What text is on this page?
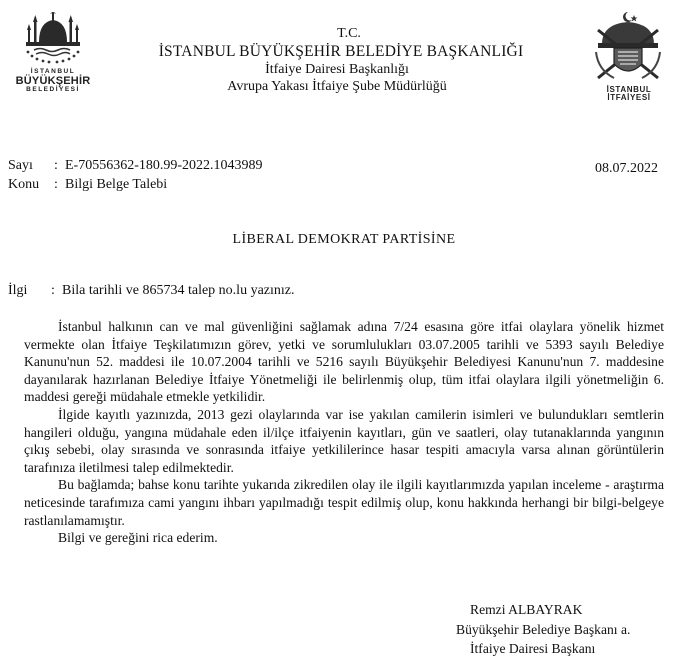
İSTANBUL
BÜYÜKŞEHİR
BELEDİYESİ
T.C.
İSTANBUL BÜYÜKŞEHİR BELEDİYE BAŞKANLIĞI
İtfaiye Dairesi Başkanlığı
Avrupa Yakası İtfaiye Şube Müdürlüğü	İSTANBUL
İTFAİYESİ
Sayı : E-70556362-180.99-2022.1043989	08.07.2022
Konu : Bilgi Belge Talebi
LİBERAL DEMOKRAT PARTİSİNE
İlgi : Bila tarihli ve 865734 talep no.lu yazınız.

İstanbul halkının can ve mal güvenliğini sağlamak adına 7/24 esasına göre itfai olaylara yönelik hizmet vermekte olan İtfaiye Teşkilatımızın görev, yetki ve sorumlulukları 03.07.2005 tarihli ve 5393 sayılı Belediye Kanunu'nun 52. maddesi ile 10.07.2004 tarihli ve 5216 sayılı Büyükşehir Belediyesi Kanunu'nun 7. maddesine dayanılarak hazırlanan Belediye İtfaiye Yönetmeliği ile belirlenmiş olup, tüm itfai olaylara ilgili yönetmeliğin 6. maddesi gereği müdahale etmekle yetkilidir.

İlgide kayıtlı yazınızda, 2013 gezi olaylarında var ise yakılan camilerin isimleri ve bulundukları semtlerin hangileri olduğu, yangına müdahale eden il/ilçe itfaiyenin kayıtları, gün ve saatleri, olay tutanaklarında yangının çıkış sebebi, olay sırasında ve sonrasında itfaiye yetkililerince hasar tespiti amacıyla varsa alınan görüntülerin tarafınıza iletilmesi talep edilmektedir.

Bu bağlamda; bahse konu tarihte yukarıda zikredilen olay ile ilgili kayıtlarımızda yapılan inceleme - araştırma neticesinde tarafımıza cami yangını ihbarı yapılmadığı tespit edilmiş olup, konu hakkında herhangi bir bilgi-belgeye rastlanılamamıştır.

Bilgi ve gereğini rica ederim.

Remzi ALBAYRAK
Büyükşehir Belediye Başkanı a.
İtfaiye Dairesi Başkanı
